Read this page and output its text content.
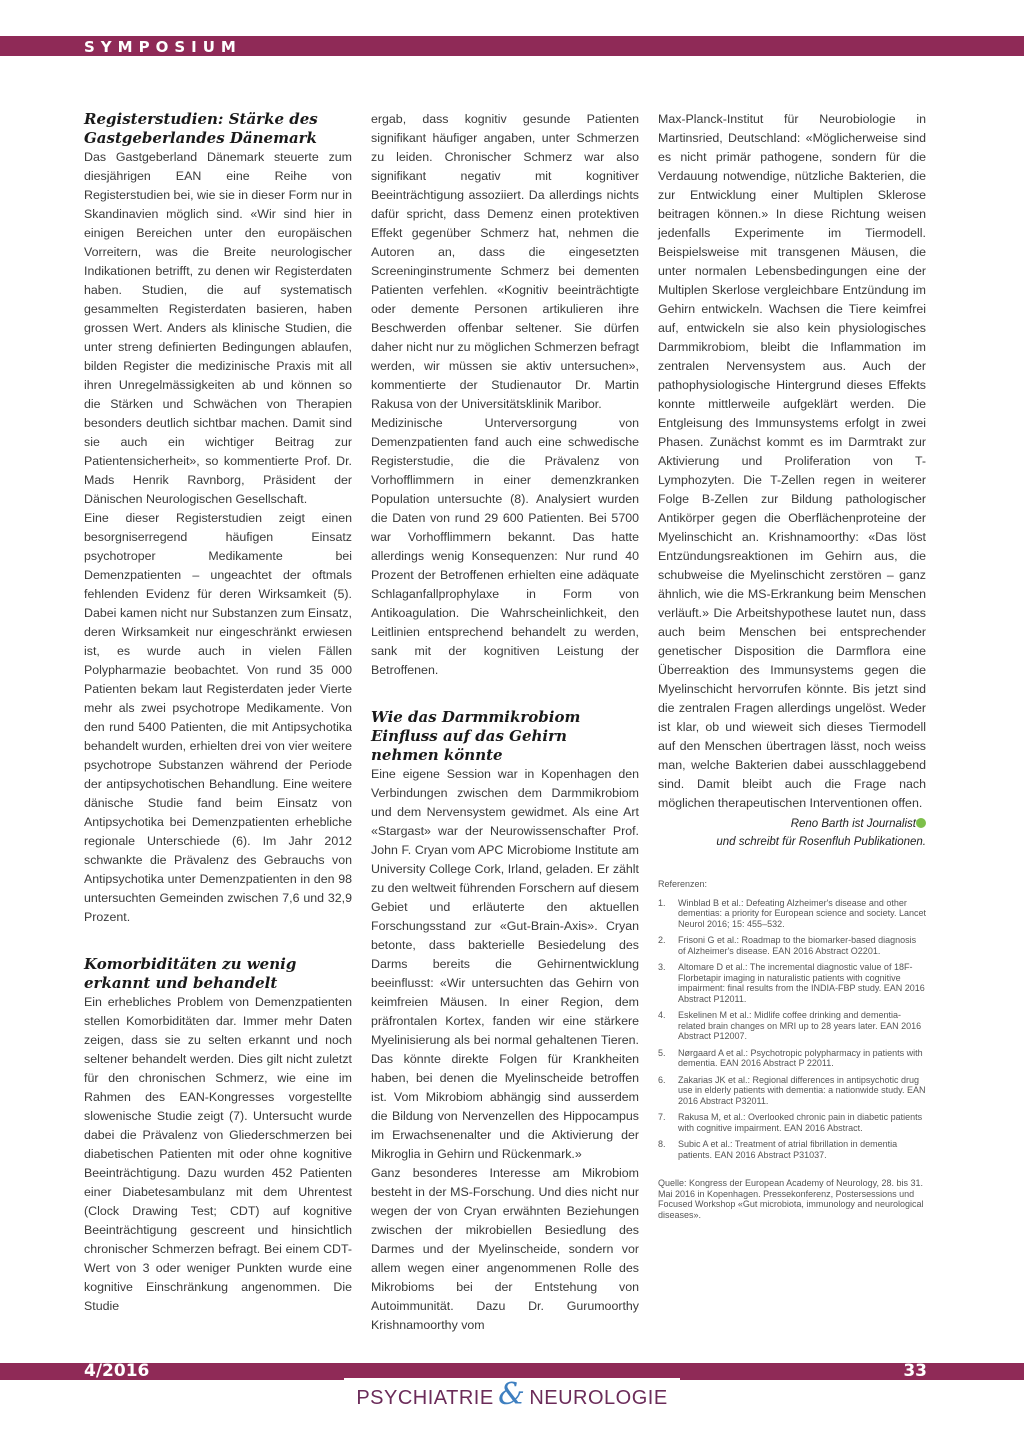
SYMPOSIUM
Registerstudien: Stärke des Gastgeberlandes Dänemark

Das Gastgeberland Dänemark steuerte zum diesjährigen EAN eine Reihe von Registerstudien bei, wie sie in dieser Form nur in Skandinavien möglich sind. «Wir sind hier in einigen Bereichen unter den europäischen Vorreitern, was die Breite neurologischer Indikationen betrifft, zu denen wir Registerdaten haben. Studien, die auf systematisch gesammelten Registerdaten basieren, haben grossen Wert. Anders als klinische Studien, die unter streng definierten Bedingungen ablaufen, bilden Register die medizinische Praxis mit all ihren Unregelmässigkeiten ab und können so die Stärken und Schwächen von Therapien besonders deutlich sichtbar machen. Damit sind sie auch ein wichtiger Beitrag zur Patientensicherheit», so kommentierte Prof. Dr. Mads Henrik Ravnborg, Präsident der Dänischen Neurologischen Gesellschaft.

Eine dieser Registerstudien zeigt einen besorgniserregend häufigen Einsatz psychotroper Medikamente bei Demenzpatienten – ungeachtet der oftmals fehlenden Evidenz für deren Wirksamkeit (5). Dabei kamen nicht nur Substanzen zum Einsatz, deren Wirksamkeit nur eingeschränkt erwiesen ist, es wurde auch in vielen Fällen Polypharmazie beobachtet. Von rund 35 000 Patienten bekam laut Registerdaten jeder Vierte mehr als zwei psychotrope Medikamente. Von den rund 5400 Patienten, die mit Antipsychotika behandelt wurden, erhielten drei von vier weitere psychotrope Substanzen während der Periode der antipsychotischen Behandlung. Eine weitere dänische Studie fand beim Einsatz von Antipsychotika bei Demenzpatienten erhebliche regionale Unterschiede (6). Im Jahr 2012 schwankte die Prävalenz des Gebrauchs von Antipsychotika unter Demenzpatienten in den 98 untersuchten Gemeinden zwischen 7,6 und 32,9 Prozent.

Komorbiditäten zu wenig erkannt und behandelt

Ein erhebliches Problem von Demenzpatienten stellen Komorbiditäten dar. Immer mehr Daten zeigen, dass sie zu selten erkannt und noch seltener behandelt werden. Dies gilt nicht zuletzt für den chronischen Schmerz, wie eine im Rahmen des EAN-Kongresses vorgestellte slowenische Studie zeigt (7). Untersucht wurde dabei die Prävalenz von Gliederschmerzen bei diabetischen Patienten mit oder ohne kognitive Beeinträchtigung. Dazu wurden 452 Patienten einer Diabetesambulanz mit dem Uhrentest (Clock Drawing Test; CDT) auf kognitive Beeinträchtigung gescreent und hinsichtlich chronischer Schmerzen befragt. Bei einem CDT-Wert von 3 oder weniger Punkten wurde eine kognitive Einschränkung angenommen. Die Studie

ergab, dass kognitiv gesunde Patienten signifikant häufiger angaben, unter Schmerzen zu leiden. Chronischer Schmerz war also signifikant negativ mit kognitiver Beeinträchtigung assoziiert. Da allerdings nichts dafür spricht, dass Demenz einen protektiven Effekt gegenüber Schmerz hat, nehmen die Autoren an, dass die eingesetzten Screeninginstrumente Schmerz bei dementen Patienten verfehlen. «Kognitiv beeinträchtigte oder demente Personen artikulieren ihre Beschwerden offenbar seltener. Sie dürfen daher nicht nur zu möglichen Schmerzen befragt werden, wir müssen sie aktiv untersuchen», kommentierte der Studienautor Dr. Martin Rakusa von der Universitätsklinik Maribor.

Medizinische Unterversorgung von Demenzpatienten fand auch eine schwedische Registerstudie, die die Prävalenz von Vorhofflimmern in einer demenzkranken Population untersuchte (8). Analysiert wurden die Daten von rund 29 600 Patienten. Bei 5700 war Vorhofflimmern bekannt. Das hatte allerdings wenig Konsequenzen: Nur rund 40 Prozent der Betroffenen erhielten eine adäquate Schlaganfallprophylaxe in Form von Antikoagulation. Die Wahrscheinlichkeit, den Leitlinien entsprechend behandelt zu werden, sank mit der kognitiven Leistung der Betroffenen.

Wie das Darmmikrobiom Einfluss auf das Gehirn nehmen könnte

Eine eigene Session war in Kopenhagen den Verbindungen zwischen dem Darmmikrobiom und dem Nervensystem gewidmet. Als eine Art «Stargast» war der Neurowissenschafter Prof. John F. Cryan vom APC Microbiome Institute am University College Cork, Irland, geladen. Er zählt zu den weltweit führenden Forschern auf diesem Gebiet und erläuterte den aktuellen Forschungsstand zur «Gut-Brain-Axis». Cryan betonte, dass bakterielle Besiedelung des Darms bereits die Gehirnentwicklung beeinflusst: «Wir untersuchten das Gehirn von keimfreien Mäusen. In einer Region, dem präfrontalen Kortex, fanden wir eine stärkere Myelinisierung als bei normal gehaltenen Tieren. Das könnte direkte Folgen für Krankheiten haben, bei denen die Myelinscheide betroffen ist. Vom Mikrobiom abhängig sind ausserdem die Bildung von Nervenzellen des Hippocampus im Erwachsenenalter und die Aktivierung der Mikroglia in Gehirn und Rückenmark.»

Ganz besonderes Interesse am Mikrobiom besteht in der MS-Forschung. Und dies nicht nur wegen der von Cryan erwähnten Beziehungen zwischen der mikrobiellen Besiedlung des Darmes und der Myelinscheide, sondern vor allem wegen einer angenommenen Rolle des Mikrobioms bei der Entstehung von Autoimmunität. Dazu Dr. Gurumoorthy Krishnamoorthy vom

Max-Planck-Institut für Neurobiologie in Martinsried, Deutschland: «Möglicherweise sind es nicht primär pathogene, sondern für die Verdauung notwendige, nützliche Bakterien, die zur Entwicklung einer Multiplen Sklerose beitragen können.» In diese Richtung weisen jedenfalls Experimente im Tiermodell. Beispielsweise mit transgenen Mäusen, die unter normalen Lebensbedingungen eine der Multiplen Skerlose vergleichbare Entzündung im Gehirn entwickeln. Wachsen die Tiere keimfrei auf, entwickeln sie also kein physiologisches Darmmikrobiom, bleibt die Inflammation im zentralen Nervensystem aus. Auch der pathophysiologische Hintergrund dieses Effekts konnte mittlerweile aufgeklärt werden. Die Entgleisung des Immunsystems erfolgt in zwei Phasen. Zunächst kommt es im Darmtrakt zur Aktivierung und Proliferation von T-Lymphozyten. Die T-Zellen regen in weiterer Folge B-Zellen zur Bildung pathologischer Antikörper gegen die Oberflächenproteine der Myelinschicht an. Krishnamoorthy: «Das löst Entzündungsreaktionen im Gehirn aus, die schubweise die Myelinschicht zerstören – ganz ähnlich, wie die MS-Erkrankung beim Menschen verläuft.» Die Arbeitshypothese lautet nun, dass auch beim Menschen bei entsprechender genetischer Disposition die Darmflora eine Überreaktion des Immunsystems gegen die Myelinschicht hervorrufen könnte. Bis jetzt sind die zentralen Fragen allerdings ungelöst. Weder ist klar, ob und wieweit sich dieses Tiermodell auf den Menschen übertragen lässt, noch weiss man, welche Bakterien dabei ausschlaggebend sind. Damit bleibt auch die Frage nach möglichen therapeutischen Interventionen offen.

Reno Barth ist Journalist
und schreibt für Rosenfluh Publikationen.
Referenzen:
1.	Winblad B et al.: Defeating Alzheimer's disease and other dementias: a priority for European science and society. Lancet Neurol 2016; 15: 455–532.
2.	Frisoni G et al.: Roadmap to the biomarker-based diagnosis of Alzheimer's disease. EAN 2016 Abstract O2201.
3.	Altomare D et al.: The incremental diagnostic value of 18F-Florbetapir imaging in naturalistic patients with cognitive impairment: final results from the INDIA-FBP study. EAN 2016 Abstract P12011.
4.	Eskelinen M et al.: Midlife coffee drinking and dementia-related brain changes on MRI up to 28 years later. EAN 2016 Abstract P12007.
5.	Nørgaard A et al.: Psychotropic polypharmacy in patients with dementia. EAN 2016 Abstract P 22011.
6.	Zakarias JK et al.: Regional differences in antipsychotic drug use in elderly patients with dementia: a nationwide study. EAN 2016 Abstract P32011.
7.	Rakusa M, et al.: Overlooked chronic pain in diabetic patients with cognitive impairment. EAN 2016 Abstract.
8.	Subic A et al.: Treatment of atrial fibrillation in dementia patients. EAN 2016 Abstract P31037.
Quelle: Kongress der European Academy of Neurology, 28. bis 31. Mai 2016 in Kopenhagen. Pressekonferenz, Postersessions und Focused Workshop «Gut microbiota, immunology and neurological diseases».
4/2016	33
PSYCHIATRIE & NEUROLOGIE
